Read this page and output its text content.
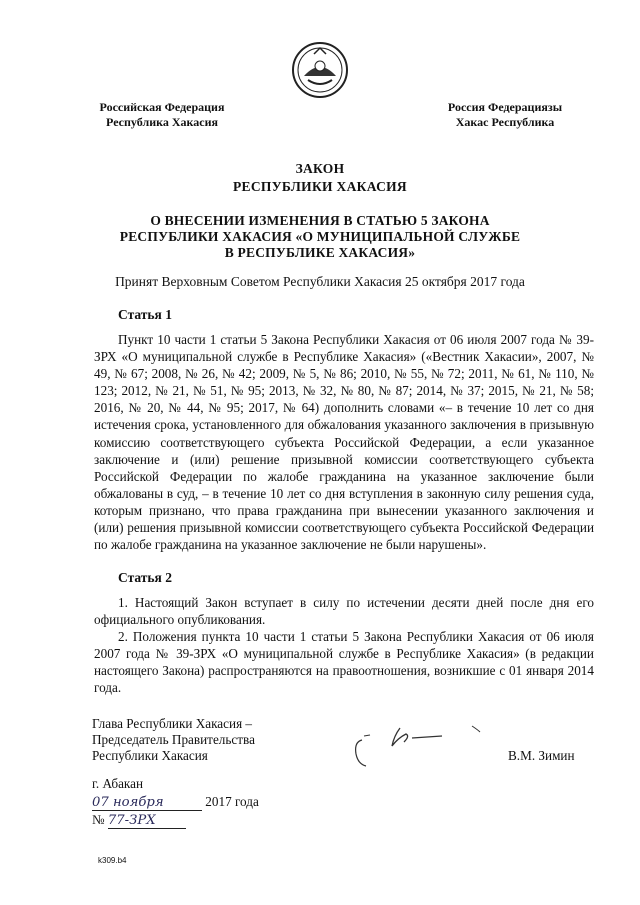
Российская Федерация
Республика Хакасия
Россия Федерациязы
Хакас Республика
ЗАКОН
РЕСПУБЛИКИ ХАКАСИЯ
О ВНЕСЕНИИ ИЗМЕНЕНИЯ В СТАТЬЮ 5 ЗАКОНА
РЕСПУБЛИКИ ХАКАСИЯ «О МУНИЦИПАЛЬНОЙ СЛУЖБЕ
В РЕСПУБЛИКЕ ХАКАСИЯ»
Принят Верховным Советом Республики Хакасия 25 октября 2017 года
Статья 1

Пункт 10 части 1 статьи 5 Закона Республики Хакасия от 06 июля 2007 года № 39-ЗРХ «О муниципальной службе в Республике Хакасия» («Вестник Хакасии», 2007, № 49, № 67; 2008, № 26, № 42; 2009, № 5, № 86; 2010, № 55, № 72; 2011, № 61, № 110, № 123; 2012, № 21, № 51, № 95; 2013, № 32, № 80, № 87; 2014, № 37; 2015, № 21, № 58; 2016, № 20, № 44, № 95; 2017, № 64) дополнить словами «– в течение 10 лет со дня истечения срока, установленного для обжалования указанного заключения в призывную комиссию соответствующего субъекта Российской Федерации, а если указанное заключение и (или) решение призывной комиссии соответствующего субъекта Российской Федерации по жалобе гражданина на указанное заключение были обжалованы в суд, – в течение 10 лет со дня вступления в законную силу решения суда, которым признано, что права гражданина при вынесении указанного заключения и (или) решения призывной комиссии соответствующего субъекта Российской Федерации по жалобе гражданина на указанное заключение не были нарушены».

Статья 2

1. Настоящий Закон вступает в силу по истечении десяти дней после дня его официального опубликования.

2. Положения пункта 10 части 1 статьи 5 Закона Республики Хакасия от 06 июля 2007 года № 39-ЗРХ «О муниципальной службе в Республике Хакасия» (в редакции настоящего Закона) распространяются на правоотношения, возникшие с 01 января 2014 года.

Глава Республики Хакасия –
Председатель Правительства
Республики Хакасия	В.М. Зимин
г. Абакан
07 ноября	2017 года
№ 77-ЗРХ
k309.b4
